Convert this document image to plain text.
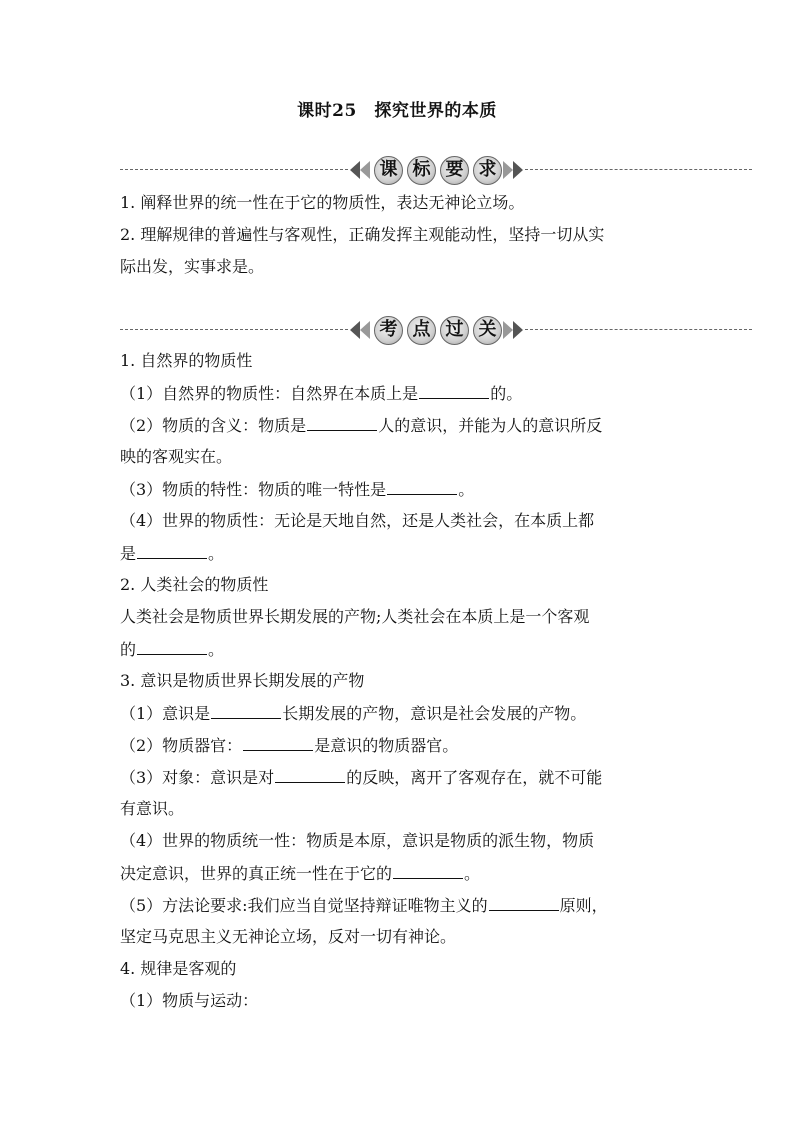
课时25　探究世界的本质
课 标 要 求
1. 阐释世界的统一性在于它的物质性，表达无神论立场。
2. 理解规律的普遍性与客观性，正确发挥主观能动性，坚持一切从实
际出发，实事求是。
考 点 过 关
1. 自然界的物质性
（1）自然界的物质性：自然界在本质上是	的。
（2）物质的含义：物质是	人的意识，并能为人的意识所反
映的客观实在。
（3）物质的特性：物质的唯一特性是	。
（4）世界的物质性：无论是天地自然，还是人类社会，在本质上都
是	。
2. 人类社会的物质性
人类社会是物质世界长期发展的产物;人类社会在本质上是一个客观
的	。
3. 意识是物质世界长期发展的产物
（1）意识是	长期发展的产物，意识是社会发展的产物。
（2）物质器官：	是意识的物质器官。
（3）对象：意识是对	的反映，离开了客观存在，就不可能
有意识。
（4）世界的物质统一性：物质是本原，意识是物质的派生物，物质
决定意识，世界的真正统一性在于它的	。
（5）方法论要求:我们应当自觉坚持辩证唯物主义的	原则，
坚定马克思主义无神论立场，反对一切有神论。
4. 规律是客观的
（1）物质与运动：
